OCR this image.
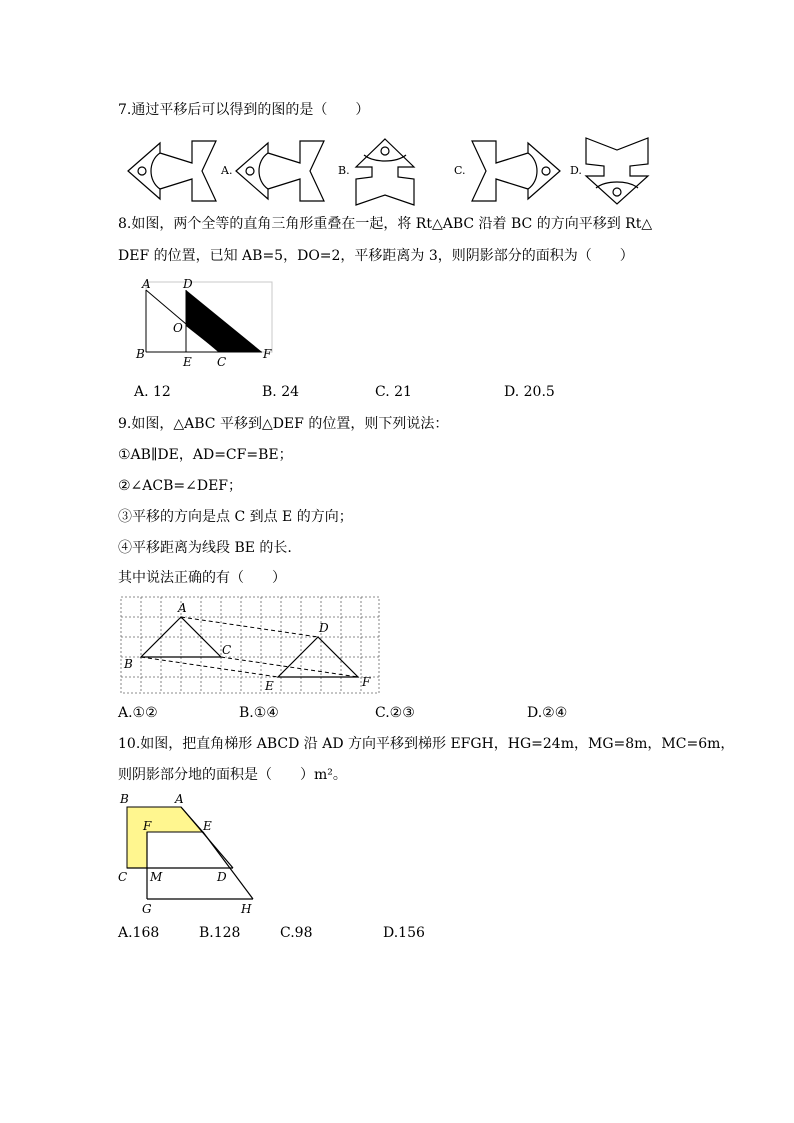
7.通过平移后可以得到的图的是（　　）
A.	B.	C.	D.
8.如图，两个全等的直角三角形重叠在一起，将 Rt△ABC 沿着 BC 的方向平移到 Rt△
DEF 的位置，已知 AB=5，DO=2，平移距离为 3，则阴影部分的面积为（　　）
A	D
O
B
E C
F
A. 12	B. 24	C. 21	D. 20.5
9.如图，△ABC 平移到△DEF 的位置，则下列说法：
①AB∥DE，AD=CF=BE；
②∠ACB=∠DEF；
③平移的方向是点 C 到点 E 的方向；
④平移距离为线段 BE 的长.
其中说法正确的有（　　）
A
B
C
D
E	F
A.①②	B.①④	C.②③	D.②④
10.如图，把直角梯形 ABCD 沿 AD 方向平移到梯形 EFGH，HG=24m，MG=8m，MC=6m，
则阴影部分地的面积是（　　）m²。
B	A
F	E
C M	D
G	H
A.168	B.128	C.98	D.156
